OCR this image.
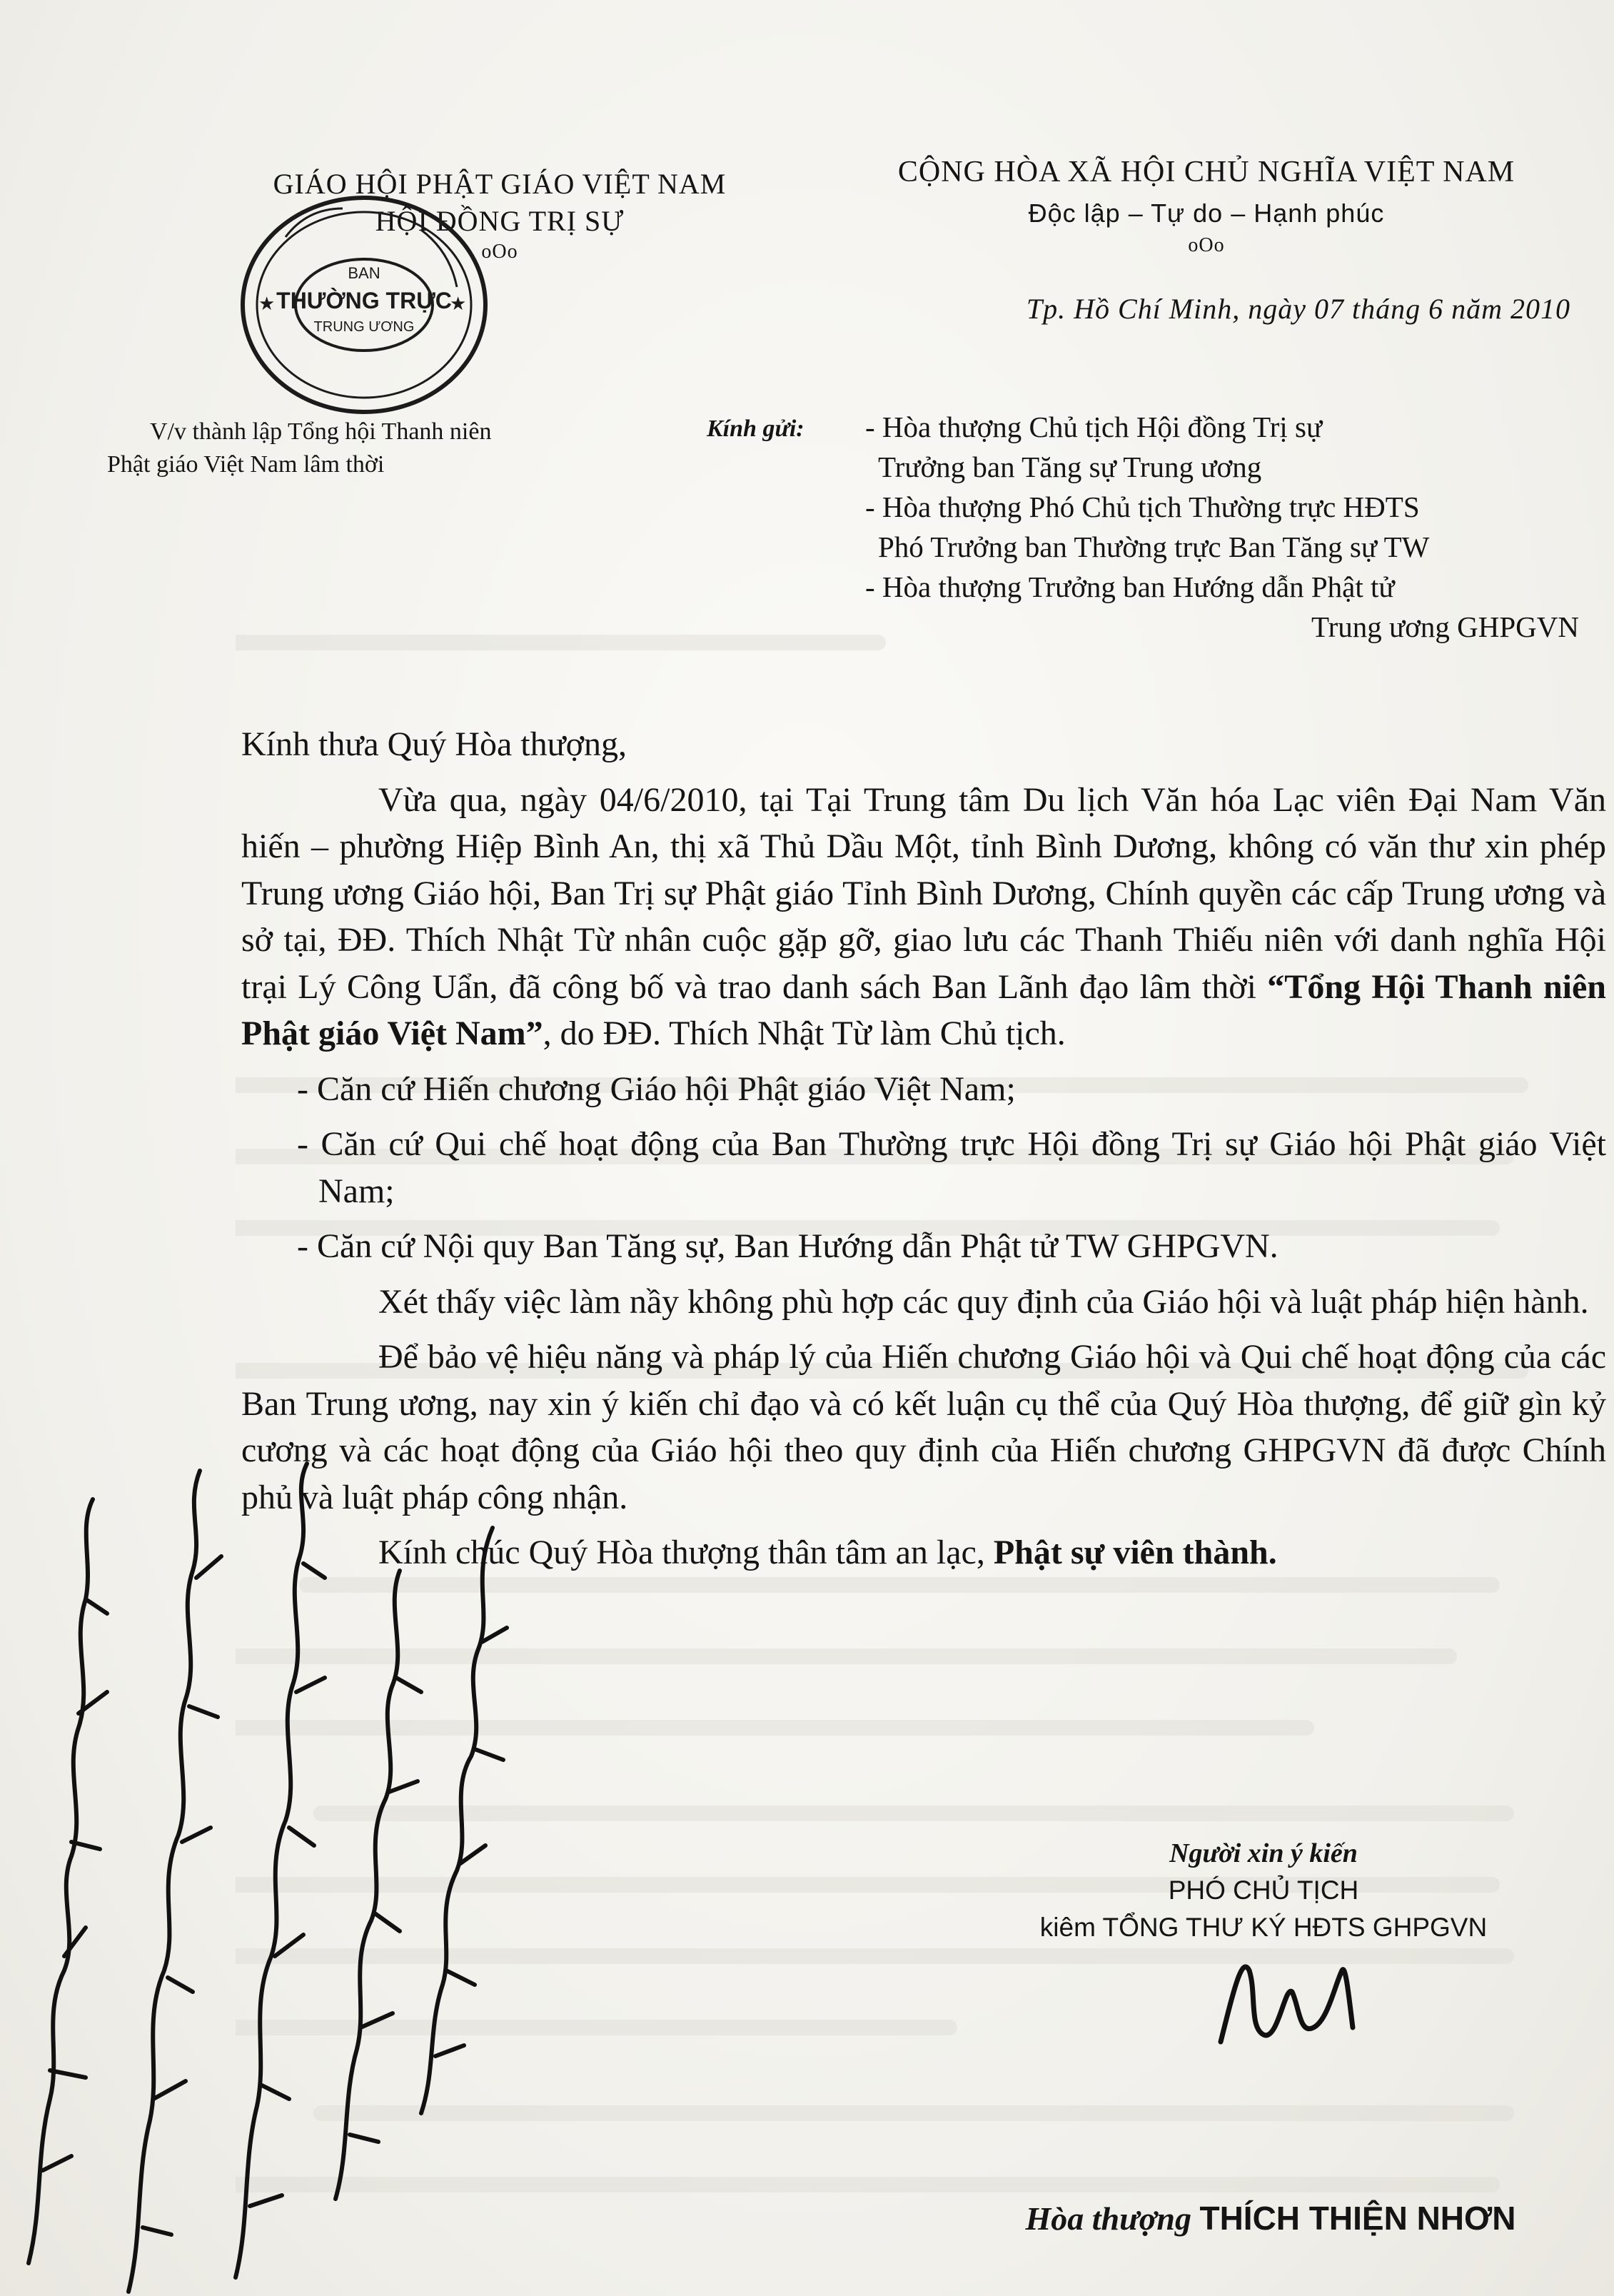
GIÁO HỘI PHẬT GIÁO VIỆT NAM
HỘI ĐỒNG TRỊ SỰ
oOo
★	★
BAN
THƯỜNG TRỰC
TRUNG ƯƠNG
CỘNG HÒA XÃ HỘI CHỦ NGHĨA VIỆT NAM
Độc lập – Tự do – Hạnh phúc
oOo
Tp. Hồ Chí Minh, ngày 07 tháng 6 năm 2010
V/v thành lập Tổng hội Thanh niên
Phật giáo Việt Nam lâm thời
Kính gửi: - Hòa thượng Chủ tịch Hội đồng Trị sự
Trưởng ban Tăng sự Trung ương
- Hòa thượng Phó Chủ tịch Thường trực HĐTS
Phó Trưởng ban Thường trực Ban Tăng sự TW
- Hòa thượng Trưởng ban Hướng dẫn Phật tử
Trung ương GHPGVN

Kính thưa Quý Hòa thượng,

Vừa qua, ngày 04/6/2010, tại Tại Trung tâm Du lịch Văn hóa Lạc viên Đại Nam Văn hiến – phường Hiệp Bình An, thị xã Thủ Dầu Một, tỉnh Bình Dương, không có văn thư xin phép Trung ương Giáo hội, Ban Trị sự Phật giáo Tỉnh Bình Dương, Chính quyền các cấp Trung ương và sở tại, ĐĐ. Thích Nhật Từ nhân cuộc gặp gỡ, giao lưu các Thanh Thiếu niên với danh nghĩa Hội trại Lý Công Uẩn, đã công bố và trao danh sách Ban Lãnh đạo lâm thời “Tổng Hội Thanh niên Phật giáo Việt Nam”, do ĐĐ. Thích Nhật Từ làm Chủ tịch.

- Căn cứ Hiến chương Giáo hội Phật giáo Việt Nam;

- Căn cứ Qui chế hoạt động của Ban Thường trực Hội đồng Trị sự Giáo hội Phật giáo Việt Nam;

- Căn cứ Nội quy Ban Tăng sự, Ban Hướng dẫn Phật tử TW GHPGVN.

Xét thấy việc làm nầy không phù hợp các quy định của Giáo hội và luật pháp hiện hành.

Để bảo vệ hiệu năng và pháp lý của Hiến chương Giáo hội và Qui chế hoạt động của các Ban Trung ương, nay xin ý kiến chỉ đạo và có kết luận cụ thể của Quý Hòa thượng, để giữ gìn kỷ cương và các hoạt động của Giáo hội theo quy định của Hiến chương GHPGVN đã được Chính phủ và luật pháp công nhận.

Kính chúc Quý Hòa thượng thân tâm an lạc, Phật sự viên thành.

Người xin ý kiến
PHÓ CHỦ TỊCH
kiêm TỔNG THƯ KÝ HĐTS GHPGVN
Hòa thượng THÍCH THIỆN NHƠN
